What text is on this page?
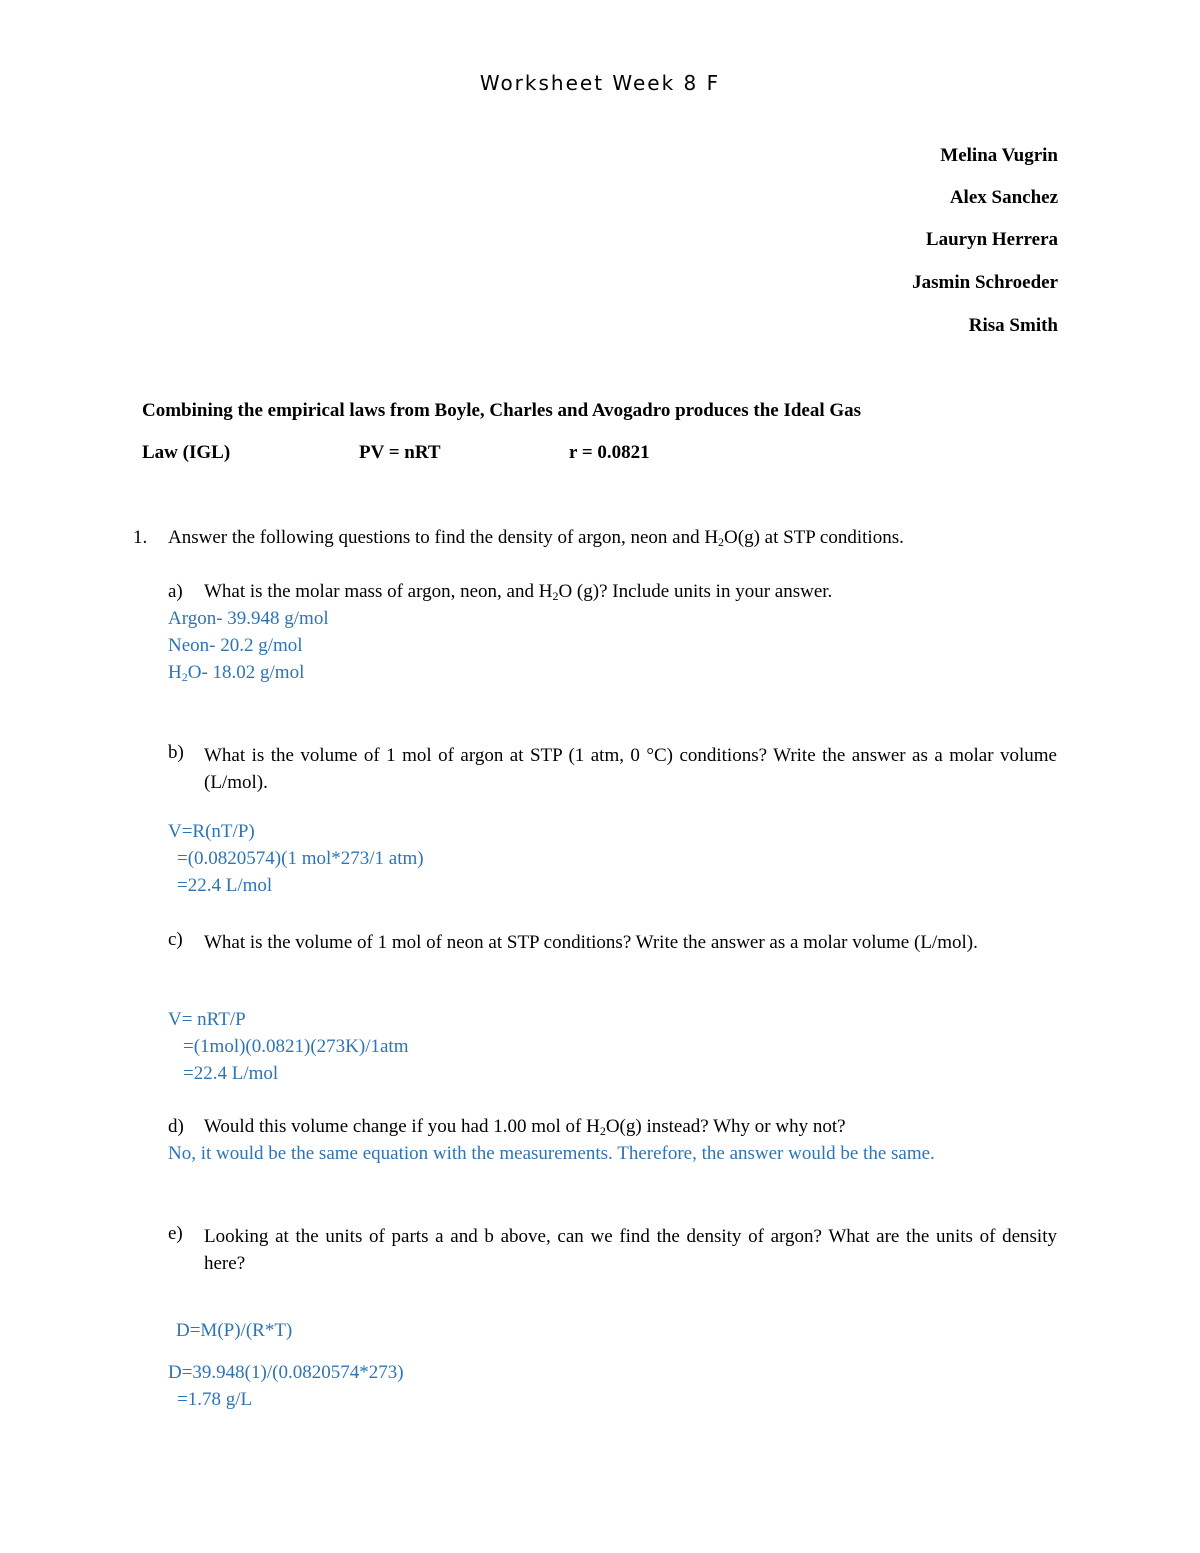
Worksheet Week 8 F
Melina Vugrin
Alex Sanchez
Lauryn Herrera
Jasmin Schroeder
Risa Smith
Combining the empirical laws from Boyle, Charles and Avogadro produces the Ideal Gas
Law (IGL)	PV = nRT	r = 0.0821
1. Answer the following questions to find the density of argon, neon and $H_2O(g)$ at STP conditions.
a) What is the molar mass of argon, neon, and $H_2O$ (g)? Include units in your answer.
Argon- 39.948 g/mol
Neon- 20.2 g/mol
$H_2O-$ 18.02 g/mol
b) What is the volume of 1 mol of argon at STP (1 atm, 0 °C) conditions? Write the answer as a molar volume (L/mol).
V=R(nT/P)
=(0.0820574)(1 mol*273/1 atm)
=22.4 L/mol
c) What is the volume of 1 mol of neon at STP conditions? Write the answer as a molar volume (L/mol).
V= nRT/P
=(1mol)(0.0821)(273K)/1atm
=22.4 L/mol
d) Would this volume change if you had 1.00 mol of $H_2O(g)$ instead? Why or why not?
No, it would be the same equation with the measurements. Therefore, the answer would be the same.
e) Looking at the units of parts a and b above, can we find the density of argon? What are the units of density here?
D=M(P)/(R*T)
D=39.948(1)/(0.0820574*273)
=1.78 g/L
